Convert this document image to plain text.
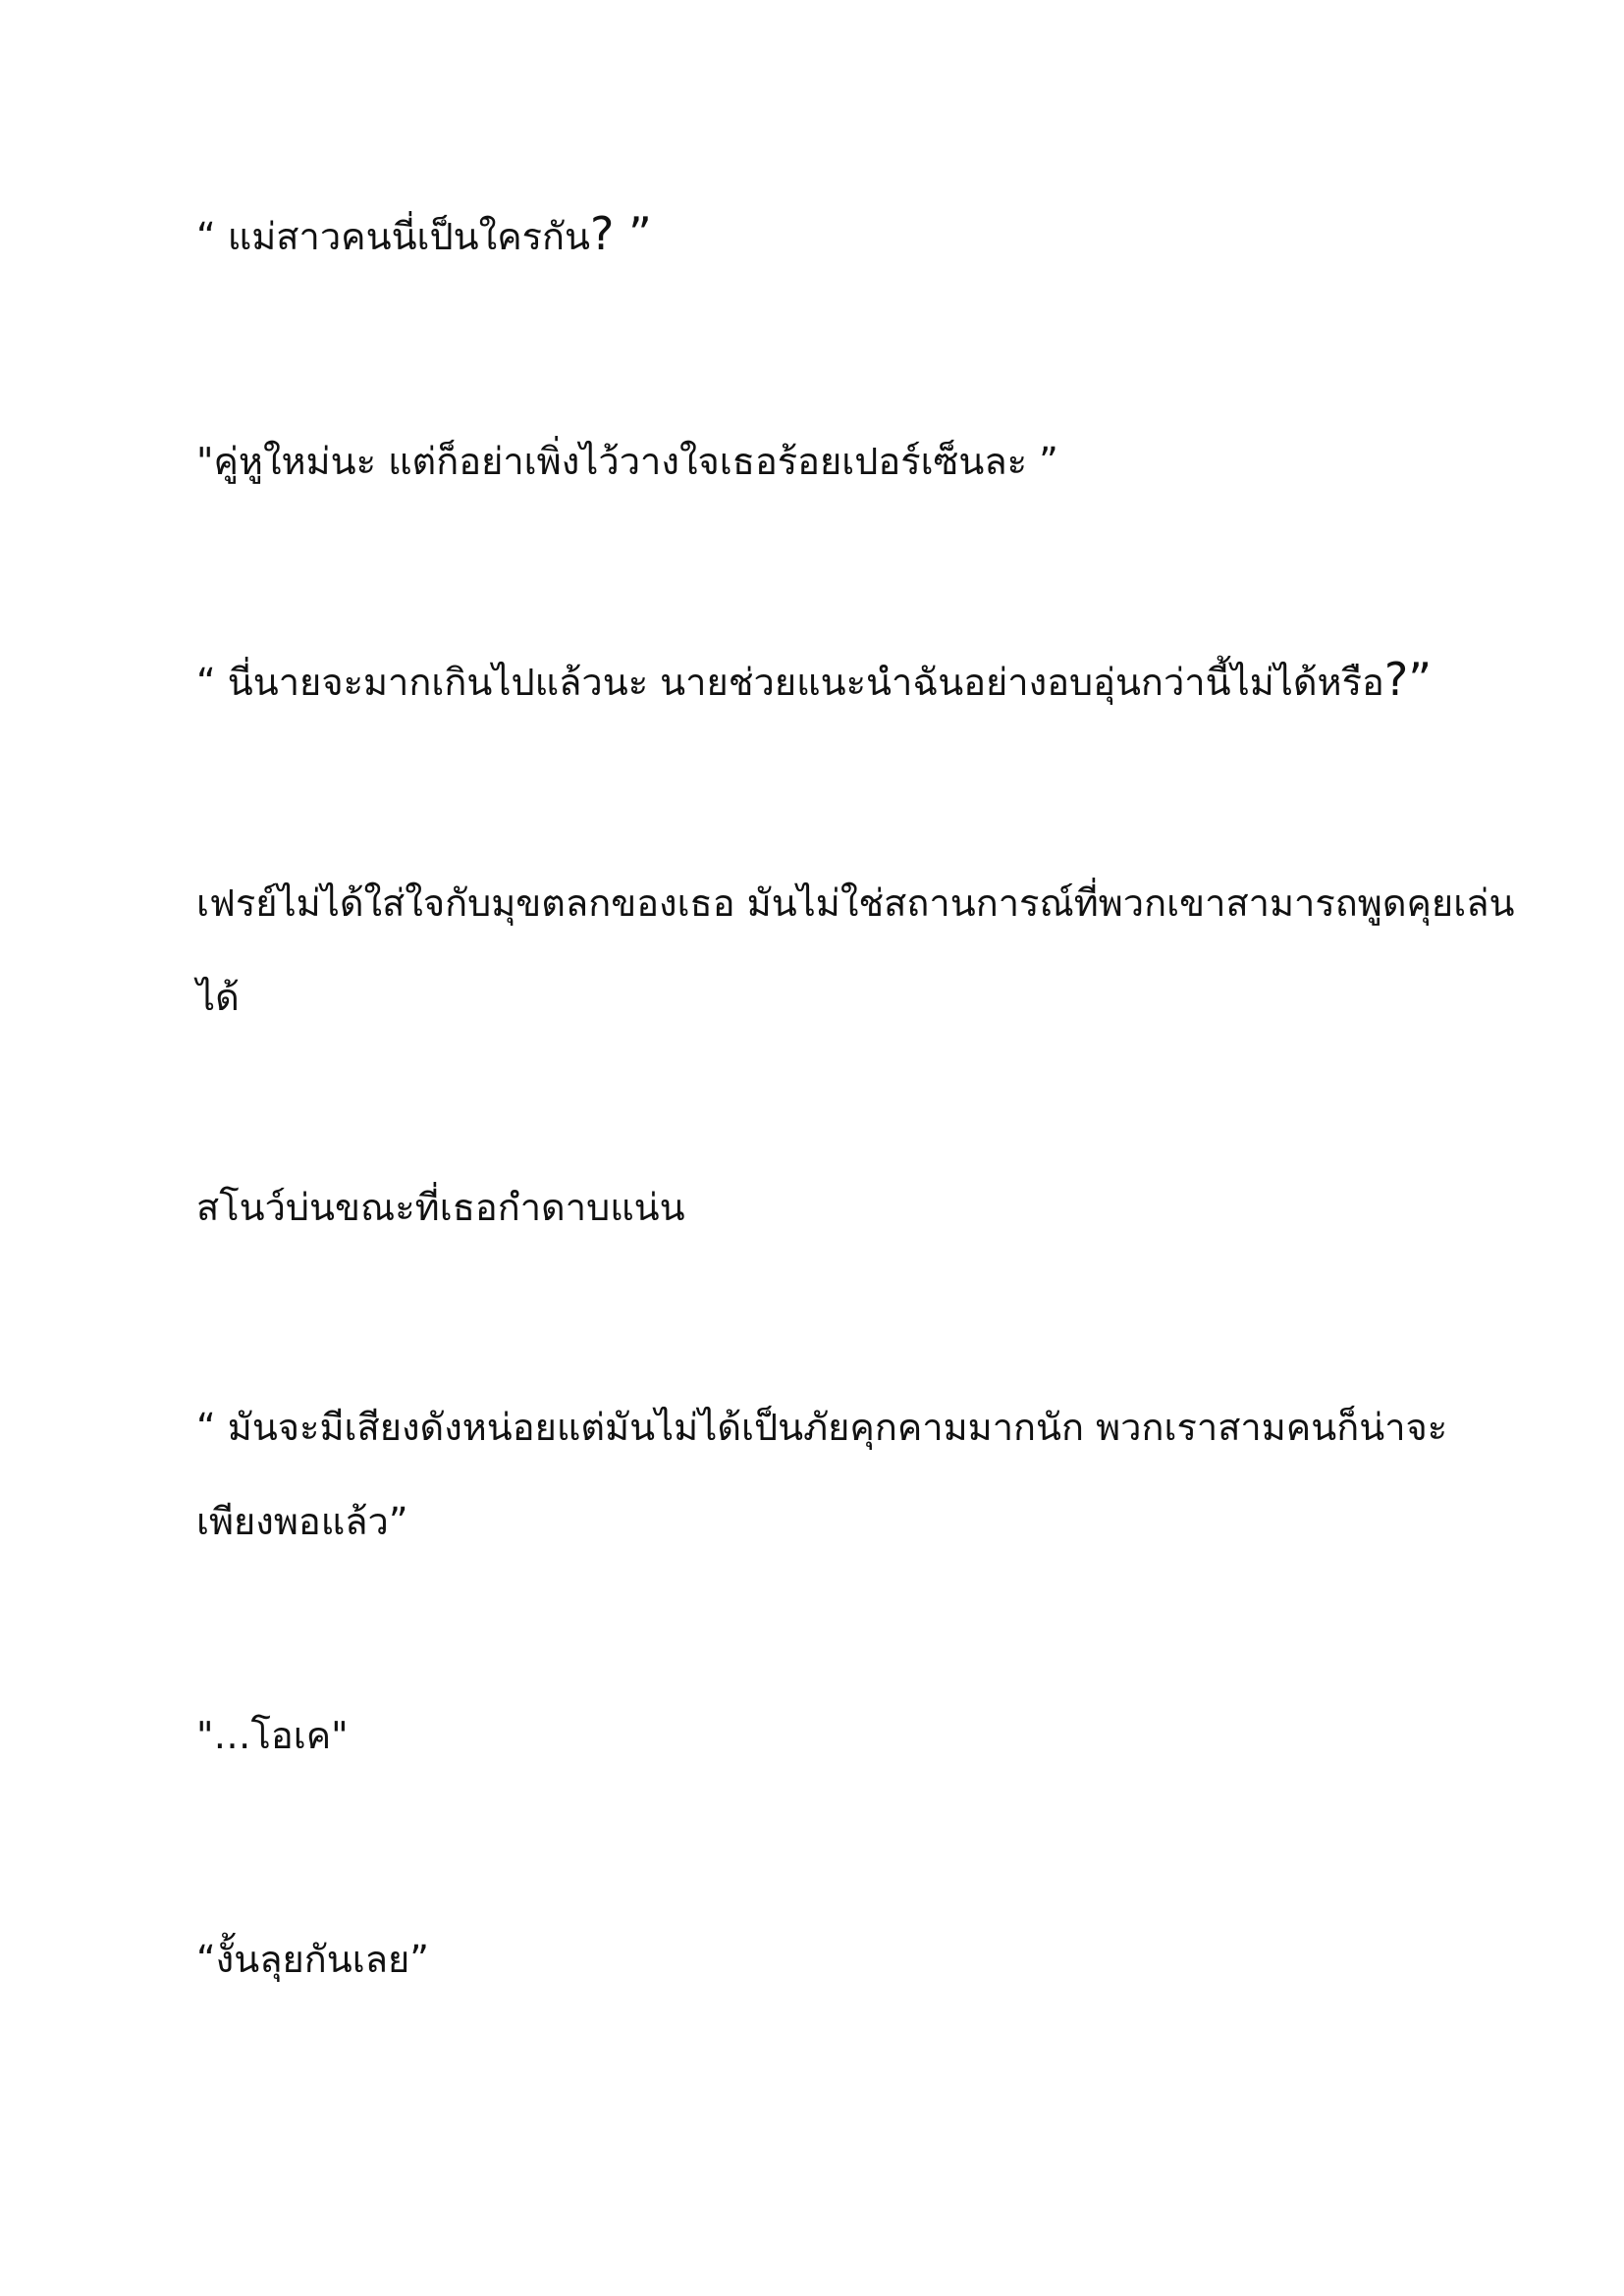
“ แม่สาวคนนี่เป็นใครกัน? ”

"คู่หูใหม่นะ แต่ก็อย่าเพิ่งไว้วางใจเธอร้อยเปอร์เซ็นละ ”

“ นี่นายจะมากเกินไปแล้วนะ นายช่วยแนะนำฉันอย่างอบอุ่นกว่านี้ไม่ได้หรือ?”

เฟรย์ไม่ได้ใส่ใจกับมุขตลกของเธอ มันไม่ใช่สถานการณ์ที่พวกเขาสามารถพูดคุยเล่น

ได้

สโนว์บ่นขณะที่เธอกำดาบแน่น

“ มันจะมีเสียงดังหน่อยแต่มันไม่ได้เป็นภัยคุกคามมากนัก พวกเราสามคนก็น่าจะ

เพียงพอแล้ว”

"…โอเค"

“งั้นลุยกันเลย”
